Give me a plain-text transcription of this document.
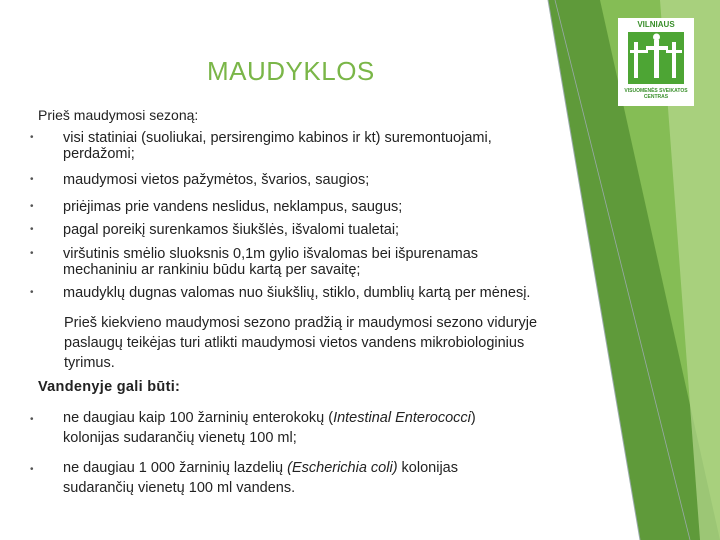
VILNIAUS
VISUOMENĖS SVEIKATOS CENTRAS
MAUDYKLOS
Prieš maudymosi sezoną:
• visi statiniai (suoliukai, persirengimo kabinos ir kt) suremontuojami,
perdažomi;
• maudymosi vietos pažymėtos, švarios, saugios;
• priėjimas prie vandens neslidus, neklampus, saugus;
• pagal poreikį surenkamos šiukšlės, išvalomi tualetai;
• viršutinis smėlio sluoksnis 0,1m gylio išvalomas bei išpurenamas
mechaniniu ar rankiniu būdu kartą per savaitę;
• maudyklų dugnas valomas nuo šiukšlių, stiklo, dumblių kartą per mėnesį.
Prieš kiekvieno maudymosi sezono pradžią ir maudymosi sezono viduryje paslaugų teikėjas turi atlikti maudymosi vietos vandens mikrobiologinius tyrimus.
Vandenyje gali būti:
• ne daugiau kaip 100 žarninių enterokokų (Intestinal Enterococci)
kolonijas sudarančių vienetų 100 ml;
• ne daugiau 1 000 žarninių lazdelių (Escherichia coli) kolonijas
sudarančių vienetų 100 ml vandens.
